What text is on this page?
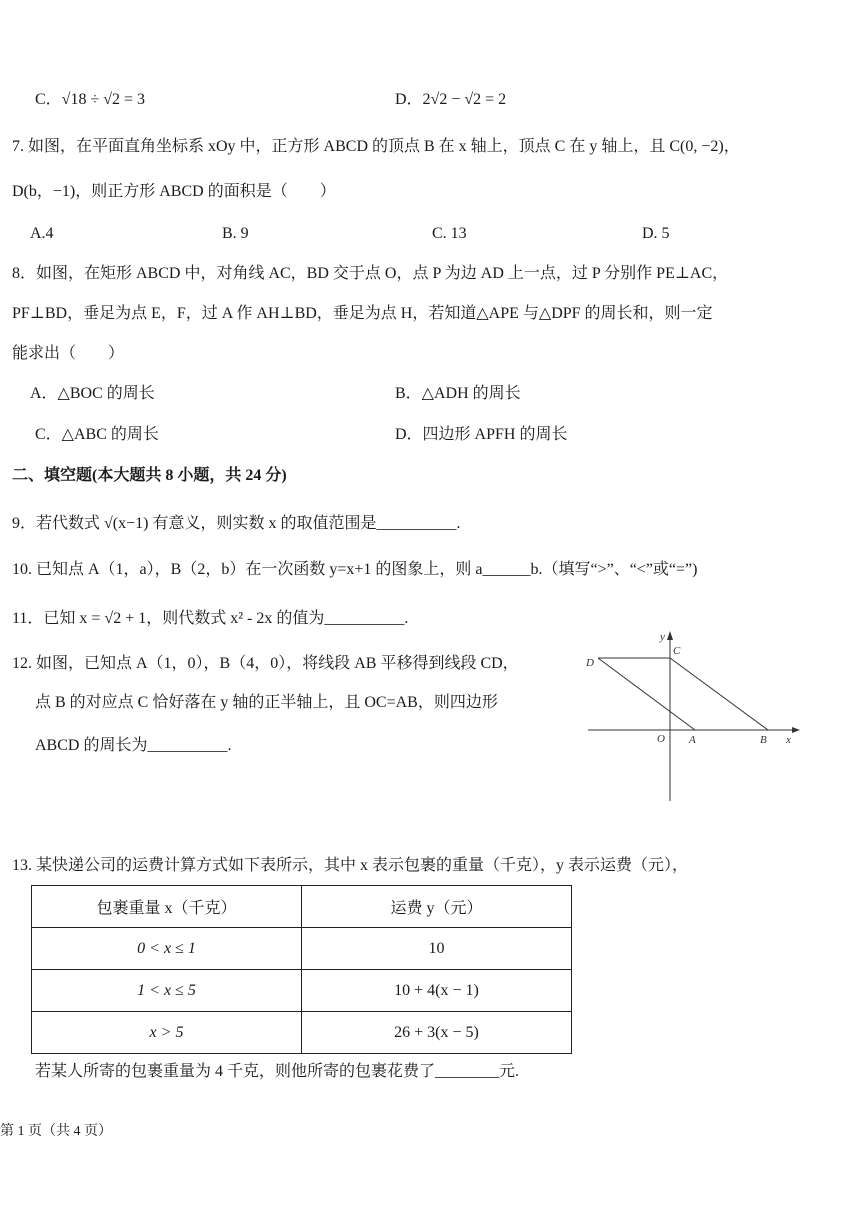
C．√18 ÷ √2 = 3	D．2√2 − √2 = 2
7. 如图，在平面直角坐标系 xOy 中，正方形 ABCD 的顶点 B 在 x 轴上，顶点 C 在 y 轴上，且 C(0, −2)，
D(b，−1)，则正方形 ABCD 的面积是（　　）
A.4	B. 9	C. 13	D. 5
8．如图，在矩形 ABCD 中，对角线 AC，BD 交于点 O，点 P 为边 AD 上一点，过 P 分别作 PE⊥AC，
PF⊥BD，垂足为点 E，F，过 A 作 AH⊥BD，垂足为点 H，若知道△APE 与△DPF 的周长和，则一定
能求出（　　）
A．△BOC 的周长	B．△ADH 的周长
C．△ABC 的周长	D．四边形 APFH 的周长
二、填空题(本大题共 8 小题，共 24 分)
9．若代数式 √(x−1) 有意义，则实数 x 的取值范围是__________.
10. 已知点 A（1，a），B（2，b）在一次函数 y=x+1 的图象上，则 a______b.（填写“>”、“<”或“=”)
11．已知 x = √2 + 1，则代数式 x² - 2x 的值为__________.
12. 如图，已知点 A（1，0），B（4，0），将线段 AB 平移得到线段 CD，
点 B 的对应点 C 恰好落在 y 轴的正半轴上，且 OC=AB，则四边形
ABCD 的周长为__________.
y
x
O A	B
C
D
13. 某快递公司的运费计算方式如下表所示，其中 x 表示包裹的重量（千克），y 表示运费（元），
包裹重量 x（千克）	运费 y（元）
0 < x ≤ 1	10
1 < x ≤ 5	10 + 4(x − 1)
x > 5	26 + 3(x − 5)
若某人所寄的包裹重量为 4 千克，则他所寄的包裹花费了________元.
第 1 页（共 4 页）
